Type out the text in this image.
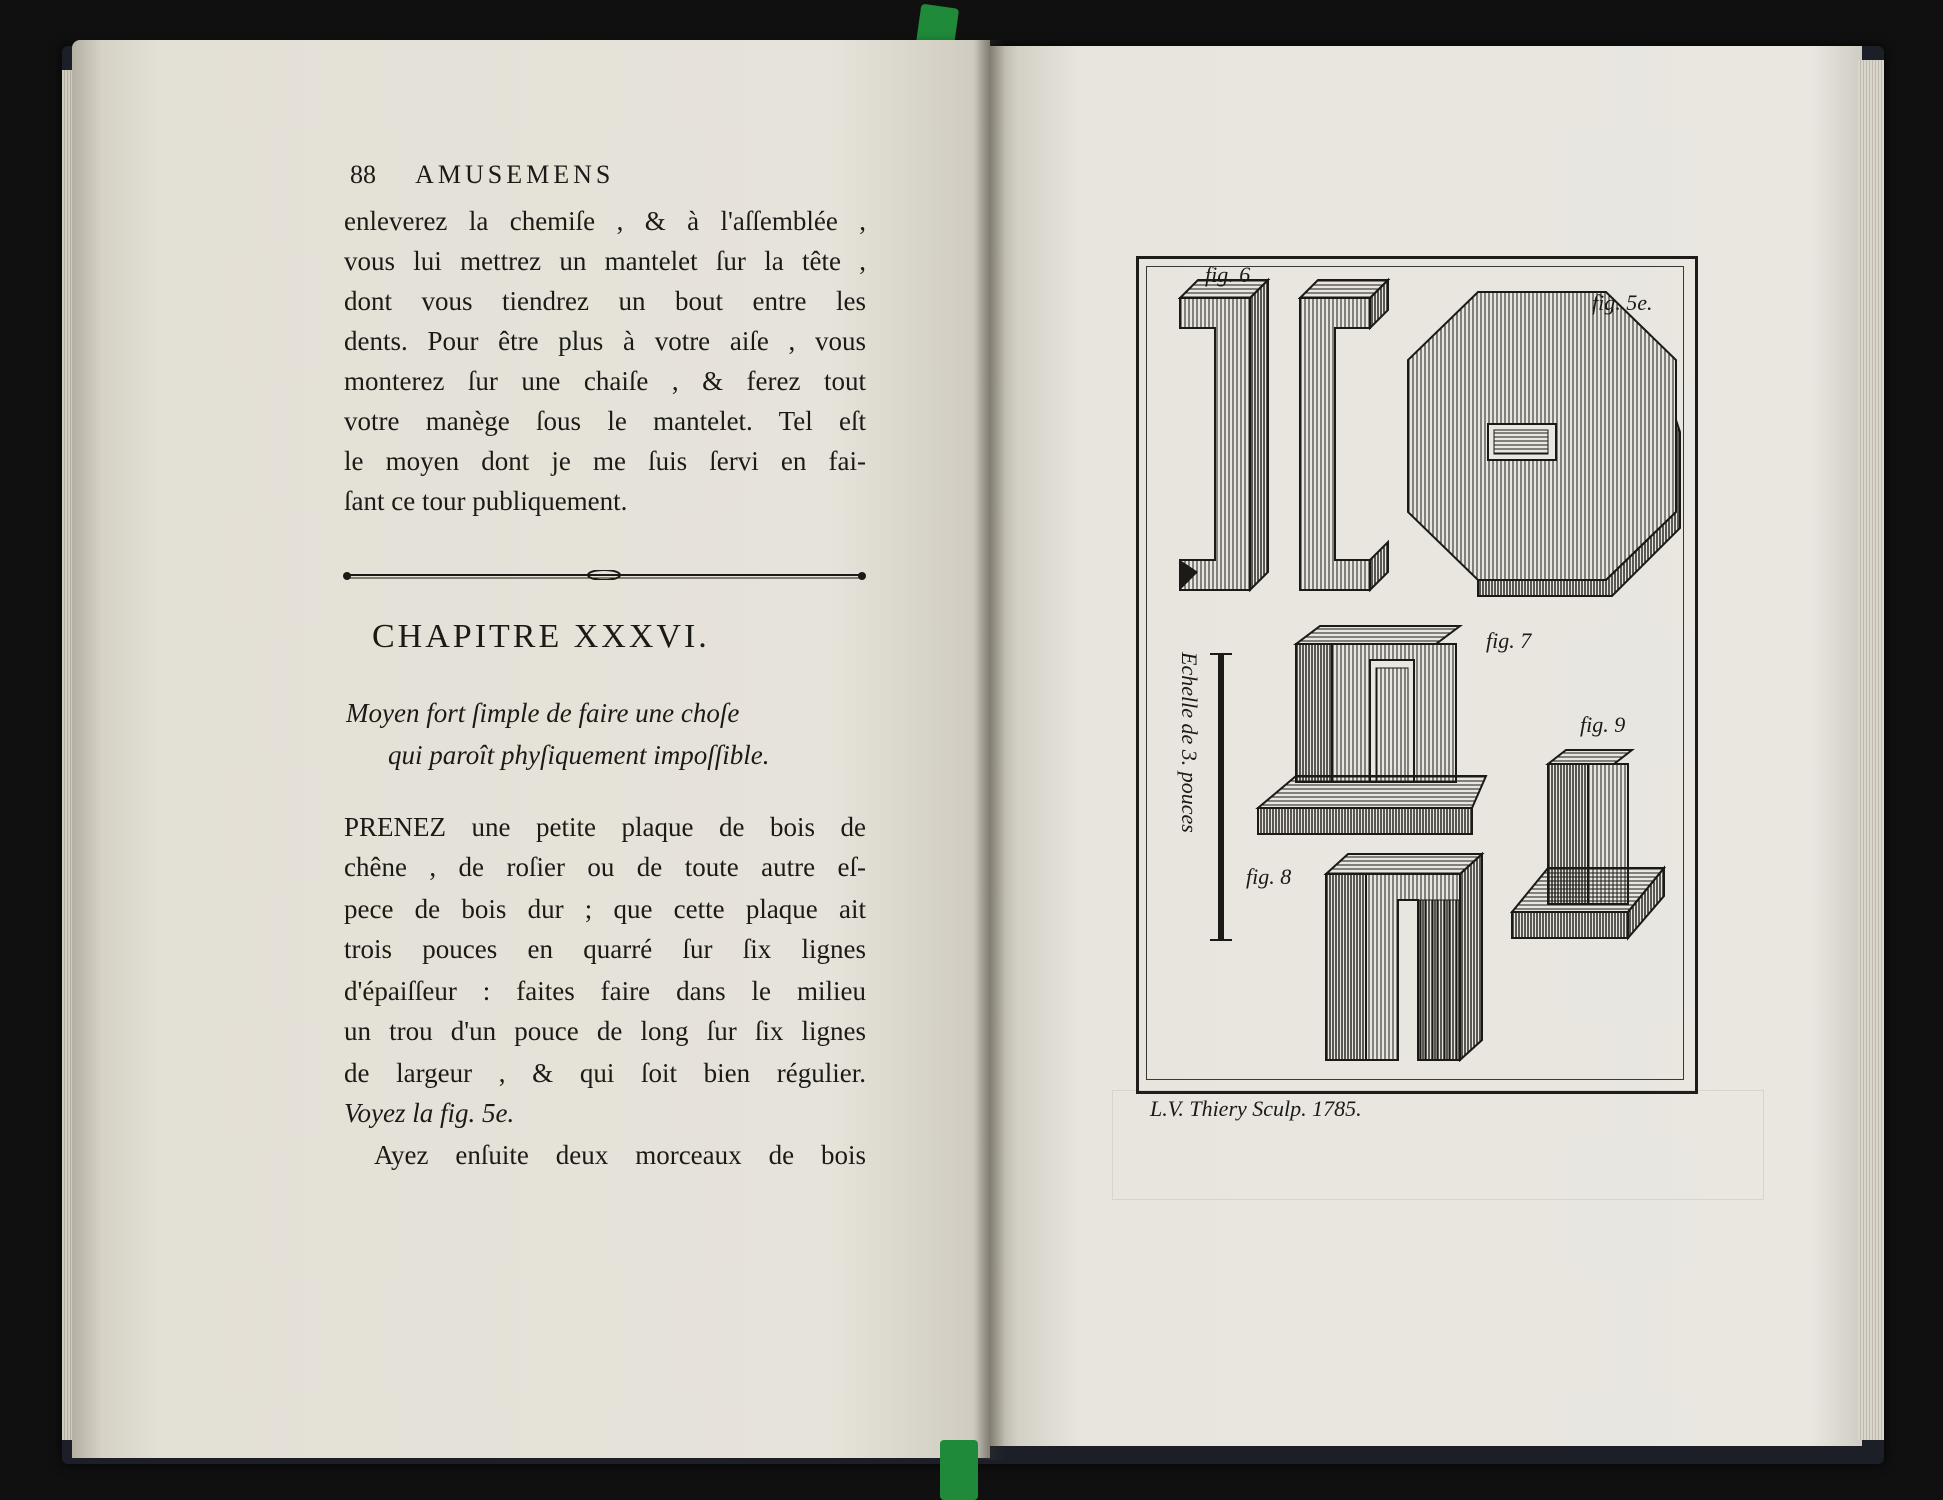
88 AMUSEMENS
enleverez la chemiſe , & à l'aſſemblée ,
vous lui mettrez un mantelet ſur la tête ,
dont vous tiendrez un bout entre les
dents. Pour être plus à votre aiſe , vous
monterez ſur une chaiſe , & ferez tout
votre manège ſous le mantelet. Tel eſt
le moyen dont je me ſuis ſervi en fai-
ſant ce tour publiquement.
CHAPITRE XXXVI.
Moyen fort ſimple de faire une choſe
qui paroît phyſiquement impoſſible.
PRENEZ une petite plaque de bois de
chêne , de roſier ou de toute autre eſ-
pece de bois dur ; que cette plaque ait
trois pouces en quarré ſur ſix lignes
d'épaiſſeur : faites faire dans le milieu
un trou d'un pouce de long ſur ſix lignes
de largeur , & qui ſoit bien régulier.
Voyez la fig. 5e.
Ayez enſuite deux morceaux de bois
fig. 6
fig. 5e.
fig. 7
fig. 9
fig. 8
Echelle de 3. pouces
L.V. Thiery Sculp. 1785.
